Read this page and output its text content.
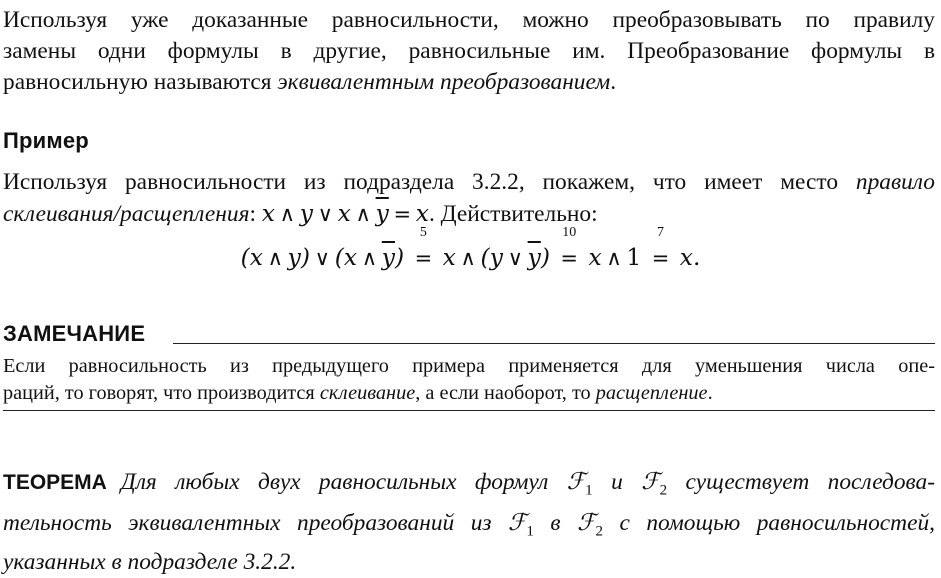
Используя уже доказанные равносильности, можно преобразовывать по правилу
замены одни формулы в другие, равносильные им. Преобразование формулы в
равносильную называются эквивалентным преобразованием.
Пример
Используя равносильности из подраздела 3.2.2, покажем, что имеет место правило
склеивания/расщепления: x  ∧  y  ∨  x  ∧  $\overline{y} = x$. Действительно:
(x  ∧  y)  ∨  (x  ∧  $\overline{y}$)
5
= x  ∧  (y  ∨  $\overline{y}$)
10
= x  ∧  1
7
= x.
ЗАМЕЧАНИЕ
Если равносильность из предыдущего примера применяется для уменьшения числа опе-
раций, то говорят, что производится склеивание, а если наоборот, то расщепление.
ТЕОРЕМА Для любых двух равносильных формул ℱ$_1$ и ℱ$_2$ существует последова-
тельность эквивалентных преобразований из ℱ$_1$ в ℱ$_2$ с помощью равносильностей,
указанных в подразделе 3.2.2.
